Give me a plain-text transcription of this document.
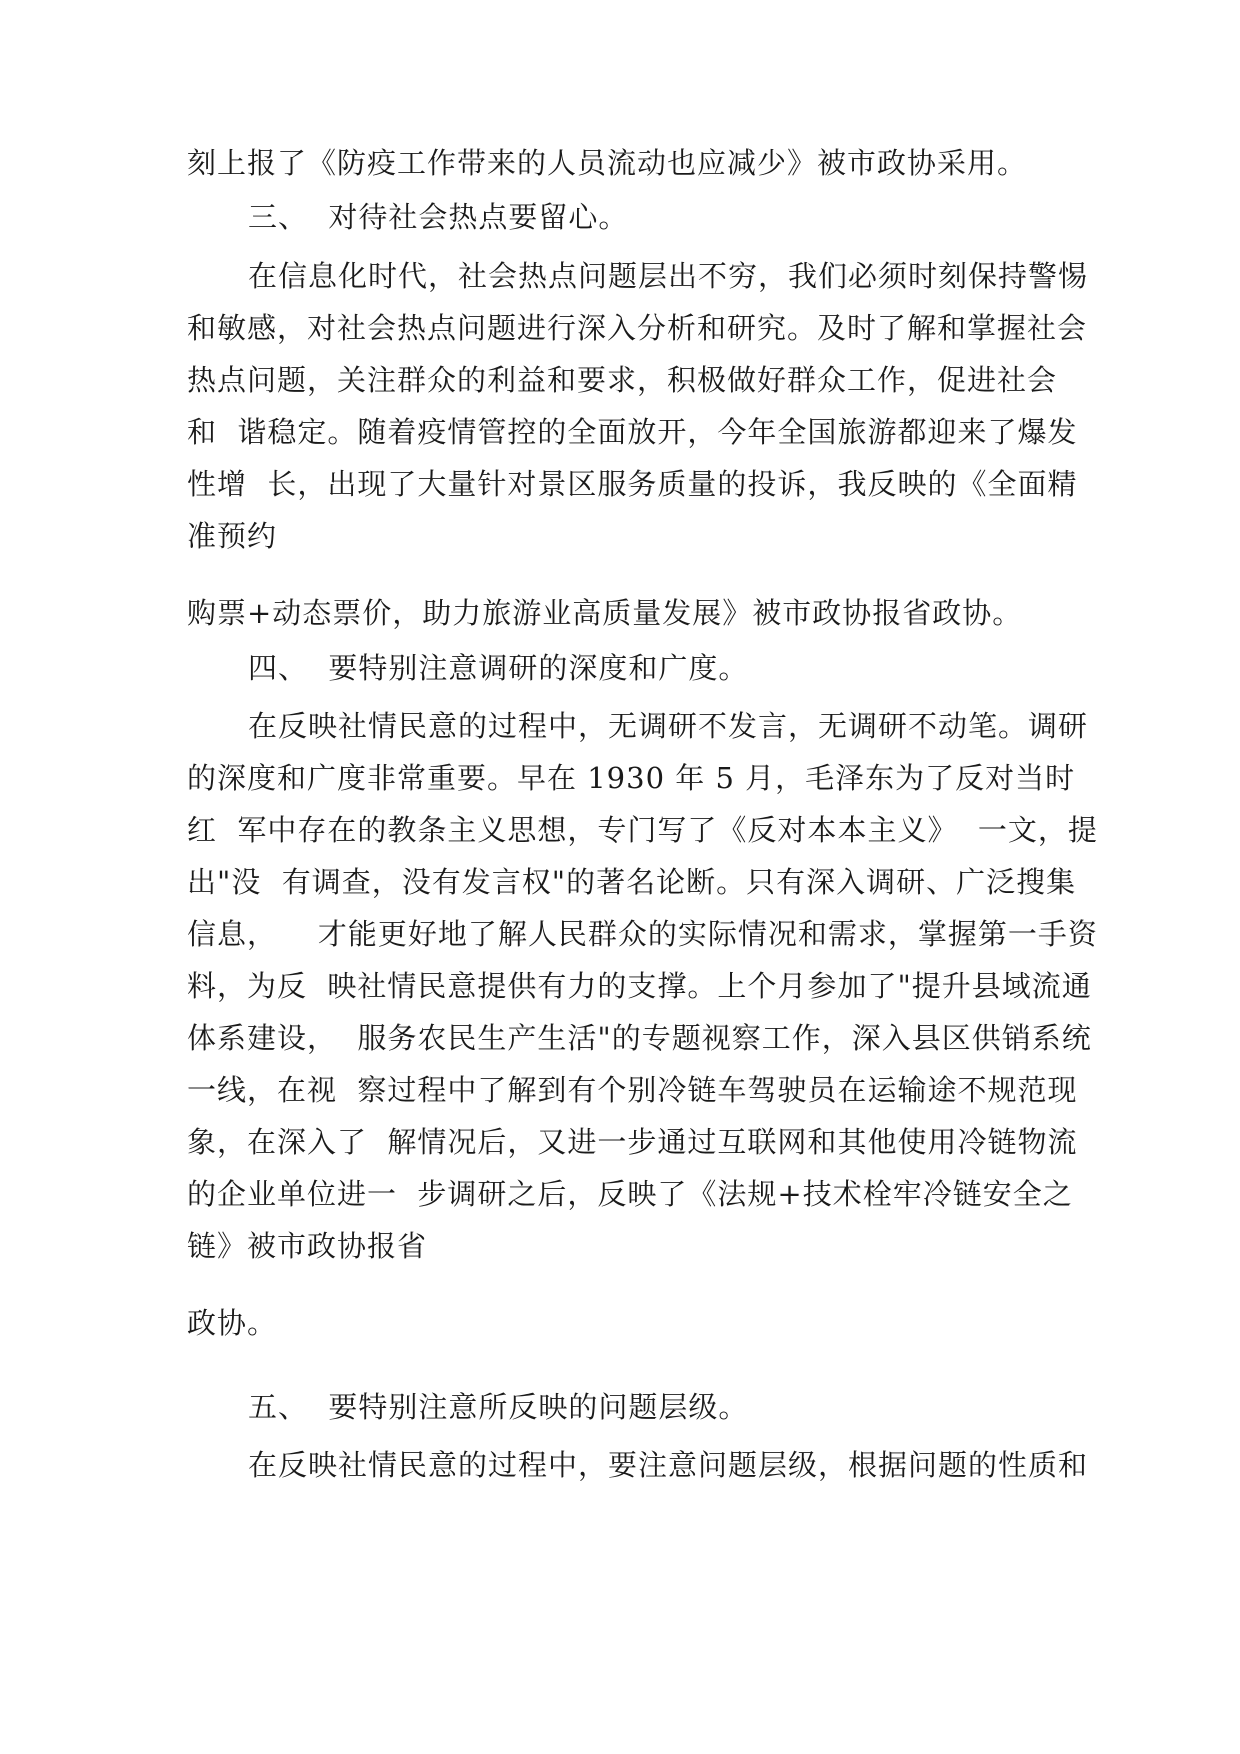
刻上报了《防疫工作带来的人员流动也应减少》被市政协采用。
三、  对待社会热点要留心。
在信息化时代，社会热点问题层出不穷，我们必须时刻保持警惕
和敏感，对社会热点问题进行深入分析和研究。及时了解和掌握社会
热点问题，关注群众的利益和要求，积极做好群众工作，促进社会
和  谐稳定。随着疫情管控的全面放开，今年全国旅游都迎来了爆发
性增  长，出现了大量针对景区服务质量的投诉，我反映的《全面精
准预约
购票+动态票价，助力旅游业高质量发展》被市政协报省政协。
四、  要特别注意调研的深度和广度。
在反映社情民意的过程中，无调研不发言，无调研不动笔。调研
的深度和广度非常重要。早在 1930 年 5 月，毛泽东为了反对当时
红  军中存在的教条主义思想，专门写了《反对本本主义》  一文，提
出"没  有调查，没有发言权"的著名论断。只有深入调研、广泛搜集
信息，    才能更好地了解人民群众的实际情况和需求，掌握第一手资
料，为反  映社情民意提供有力的支撑。上个月参加了"提升县域流通
体系建设，  服务农民生产生活"的专题视察工作，深入县区供销系统
一线，在视  察过程中了解到有个别冷链车驾驶员在运输途不规范现
象，在深入了  解情况后，又进一步通过互联网和其他使用冷链物流
的企业单位进一  步调研之后，反映了《法规+技术栓牢冷链安全之
链》被市政协报省
政协。
五、  要特别注意所反映的问题层级。
在反映社情民意的过程中，要注意问题层级，根据问题的性质和
